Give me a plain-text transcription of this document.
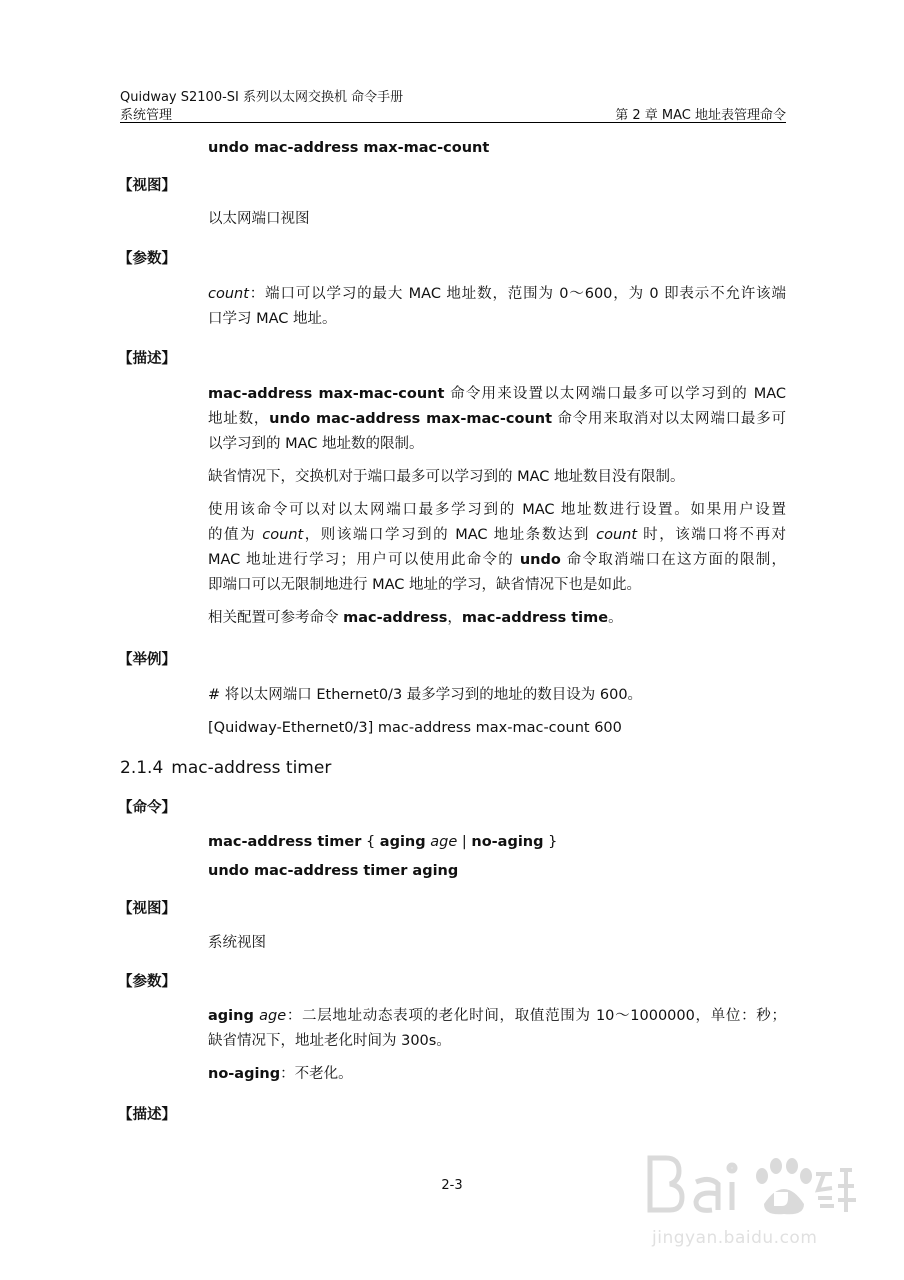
Quidway S2100-SI 系列以太网交换机 命令手册
系统管理	第 2 章 MAC 地址表管理命令
undo mac-address max-mac-count
【视图】
以太网端口视图
【参数】
count：端口可以学习的最大 MAC 地址数，范围为 0～600，为 0 即表示不允许该端
口学习 MAC 地址。
【描述】
mac-address max-mac-count 命令用来设置以太网端口最多可以学习到的 MAC
地址数，undo mac-address max-mac-count 命令用来取消对以太网端口最多可
以学习到的 MAC 地址数的限制。
缺省情况下，交换机对于端口最多可以学习到的 MAC 地址数目没有限制。
使用该命令可以对以太网端口最多学习到的 MAC 地址数进行设置。如果用户设置
的值为 count，则该端口学习到的 MAC 地址条数达到 count 时，该端口将不再对
MAC 地址进行学习；用户可以使用此命令的 undo 命令取消端口在这方面的限制，
即端口可以无限制地进行 MAC 地址的学习，缺省情况下也是如此。
相关配置可参考命令 mac-address，mac-address time。
【举例】
# 将以太网端口 Ethernet0/3 最多学习到的地址的数目设为 600。
[Quidway-Ethernet0/3] mac-address max-mac-count 600
2.1.4 mac-address timer
【命令】
mac-address timer { aging age | no-aging }
undo mac-address timer aging
【视图】
系统视图
【参数】
aging age：二层地址动态表项的老化时间，取值范围为 10～1000000，单位：秒；
缺省情况下，地址老化时间为 300s。
no-aging：不老化。
【描述】
2-3
jingyan.baidu.com
